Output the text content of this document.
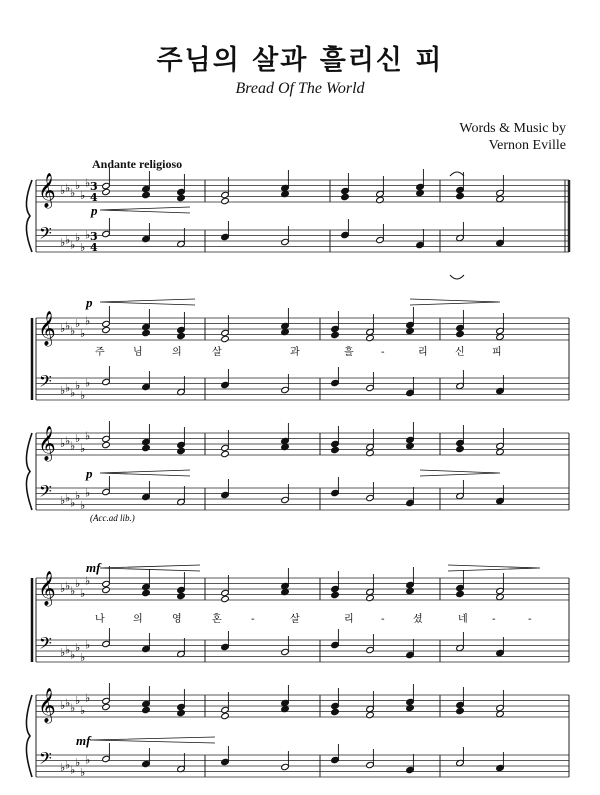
주님의 살과 흘리신 피
Bread Of The World
Words & Music by
Vernon Eville
Andante religioso
𝄞
𝄢
♭ ♭ ♭
♭
♭
♭
♭ ♭ ♭
♭
♭
♭
𝄞
𝄢
♭ ♭ ♭
♭
♭
♭
♭ ♭ ♭
♭
♭
♭
𝄞
𝄢
♭ ♭ ♭
♭
♭
♭
♭ ♭ ♭
♭
♭
♭
𝄞
𝄢
♭ ♭ ♭
♭
♭
♭
♭ ♭ ♭
♭
♭
♭
𝄞
𝄢
♭ ♭ ♭
♭
♭
♭
♭ ♭ ♭
♭
♭
♭
3
4
3
4
p
p
p
mf
mf
(Acc.ad lib.)
주	님	의	살	과	흘	-	리	신	피
나	의	영	혼	-	살	리	-	셨	네 -	-
